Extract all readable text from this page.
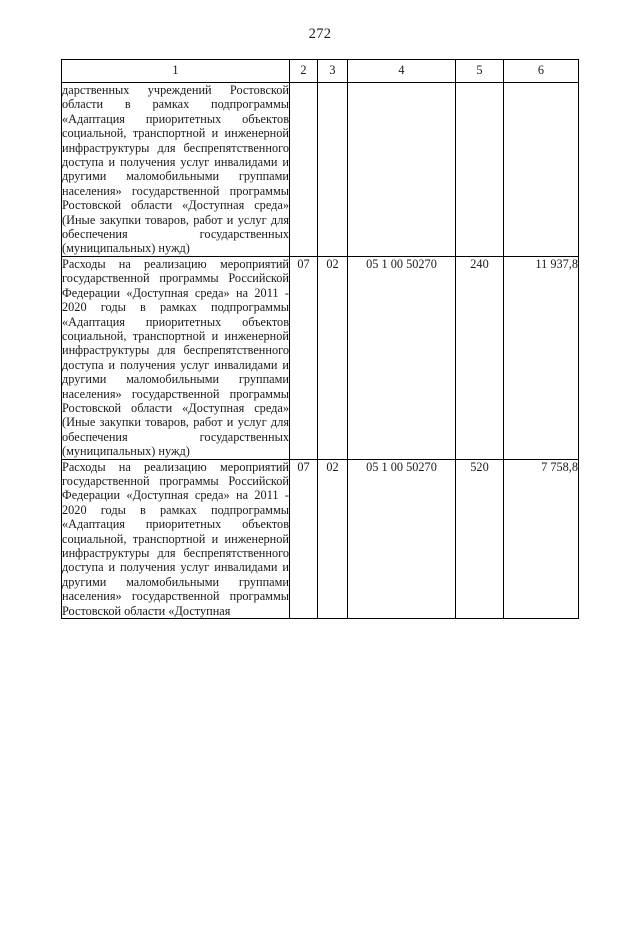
272
1	2	3	4	5	6
дарственных учреждений Ростовской области в рамках подпрограммы «Адаптация приоритетных объектов социальной, транспортной и инженерной инфраструктуры для беспрепятственного доступа и получения услуг инвалидами и другими маломобильными группами населения» государственной программы Ростовской области «Доступная среда» (Иные закупки товаров, работ и услуг для обеспечения государственных (муниципальных) нужд)					
Расходы на реализацию мероприятий государственной программы Российской Федерации «Доступная среда» на 2011 - 2020 годы в рамках подпрограммы «Адаптация приоритетных объектов социальной, транспортной и инженерной инфраструктуры для беспрепятственного доступа и получения услуг инвалидами и другими маломобильными группами населения» государственной программы Ростовской области «Доступная среда» (Иные закупки товаров, работ и услуг для обеспечения государственных (муниципальных) нужд)	07	02	05 1 00 50270	240	11 937,8
Расходы на реализацию мероприятий государственной программы Российской Федерации «Доступная среда» на 2011 - 2020 годы в рамках подпрограммы «Адаптация приоритетных объектов социальной, транспортной и инженерной инфраструктуры для беспрепятственного доступа и получения услуг инвалидами и другими маломобильными группами населения» государственной программы Ростовской области «Доступная	07	02	05 1 00 50270	520	7 758,8
